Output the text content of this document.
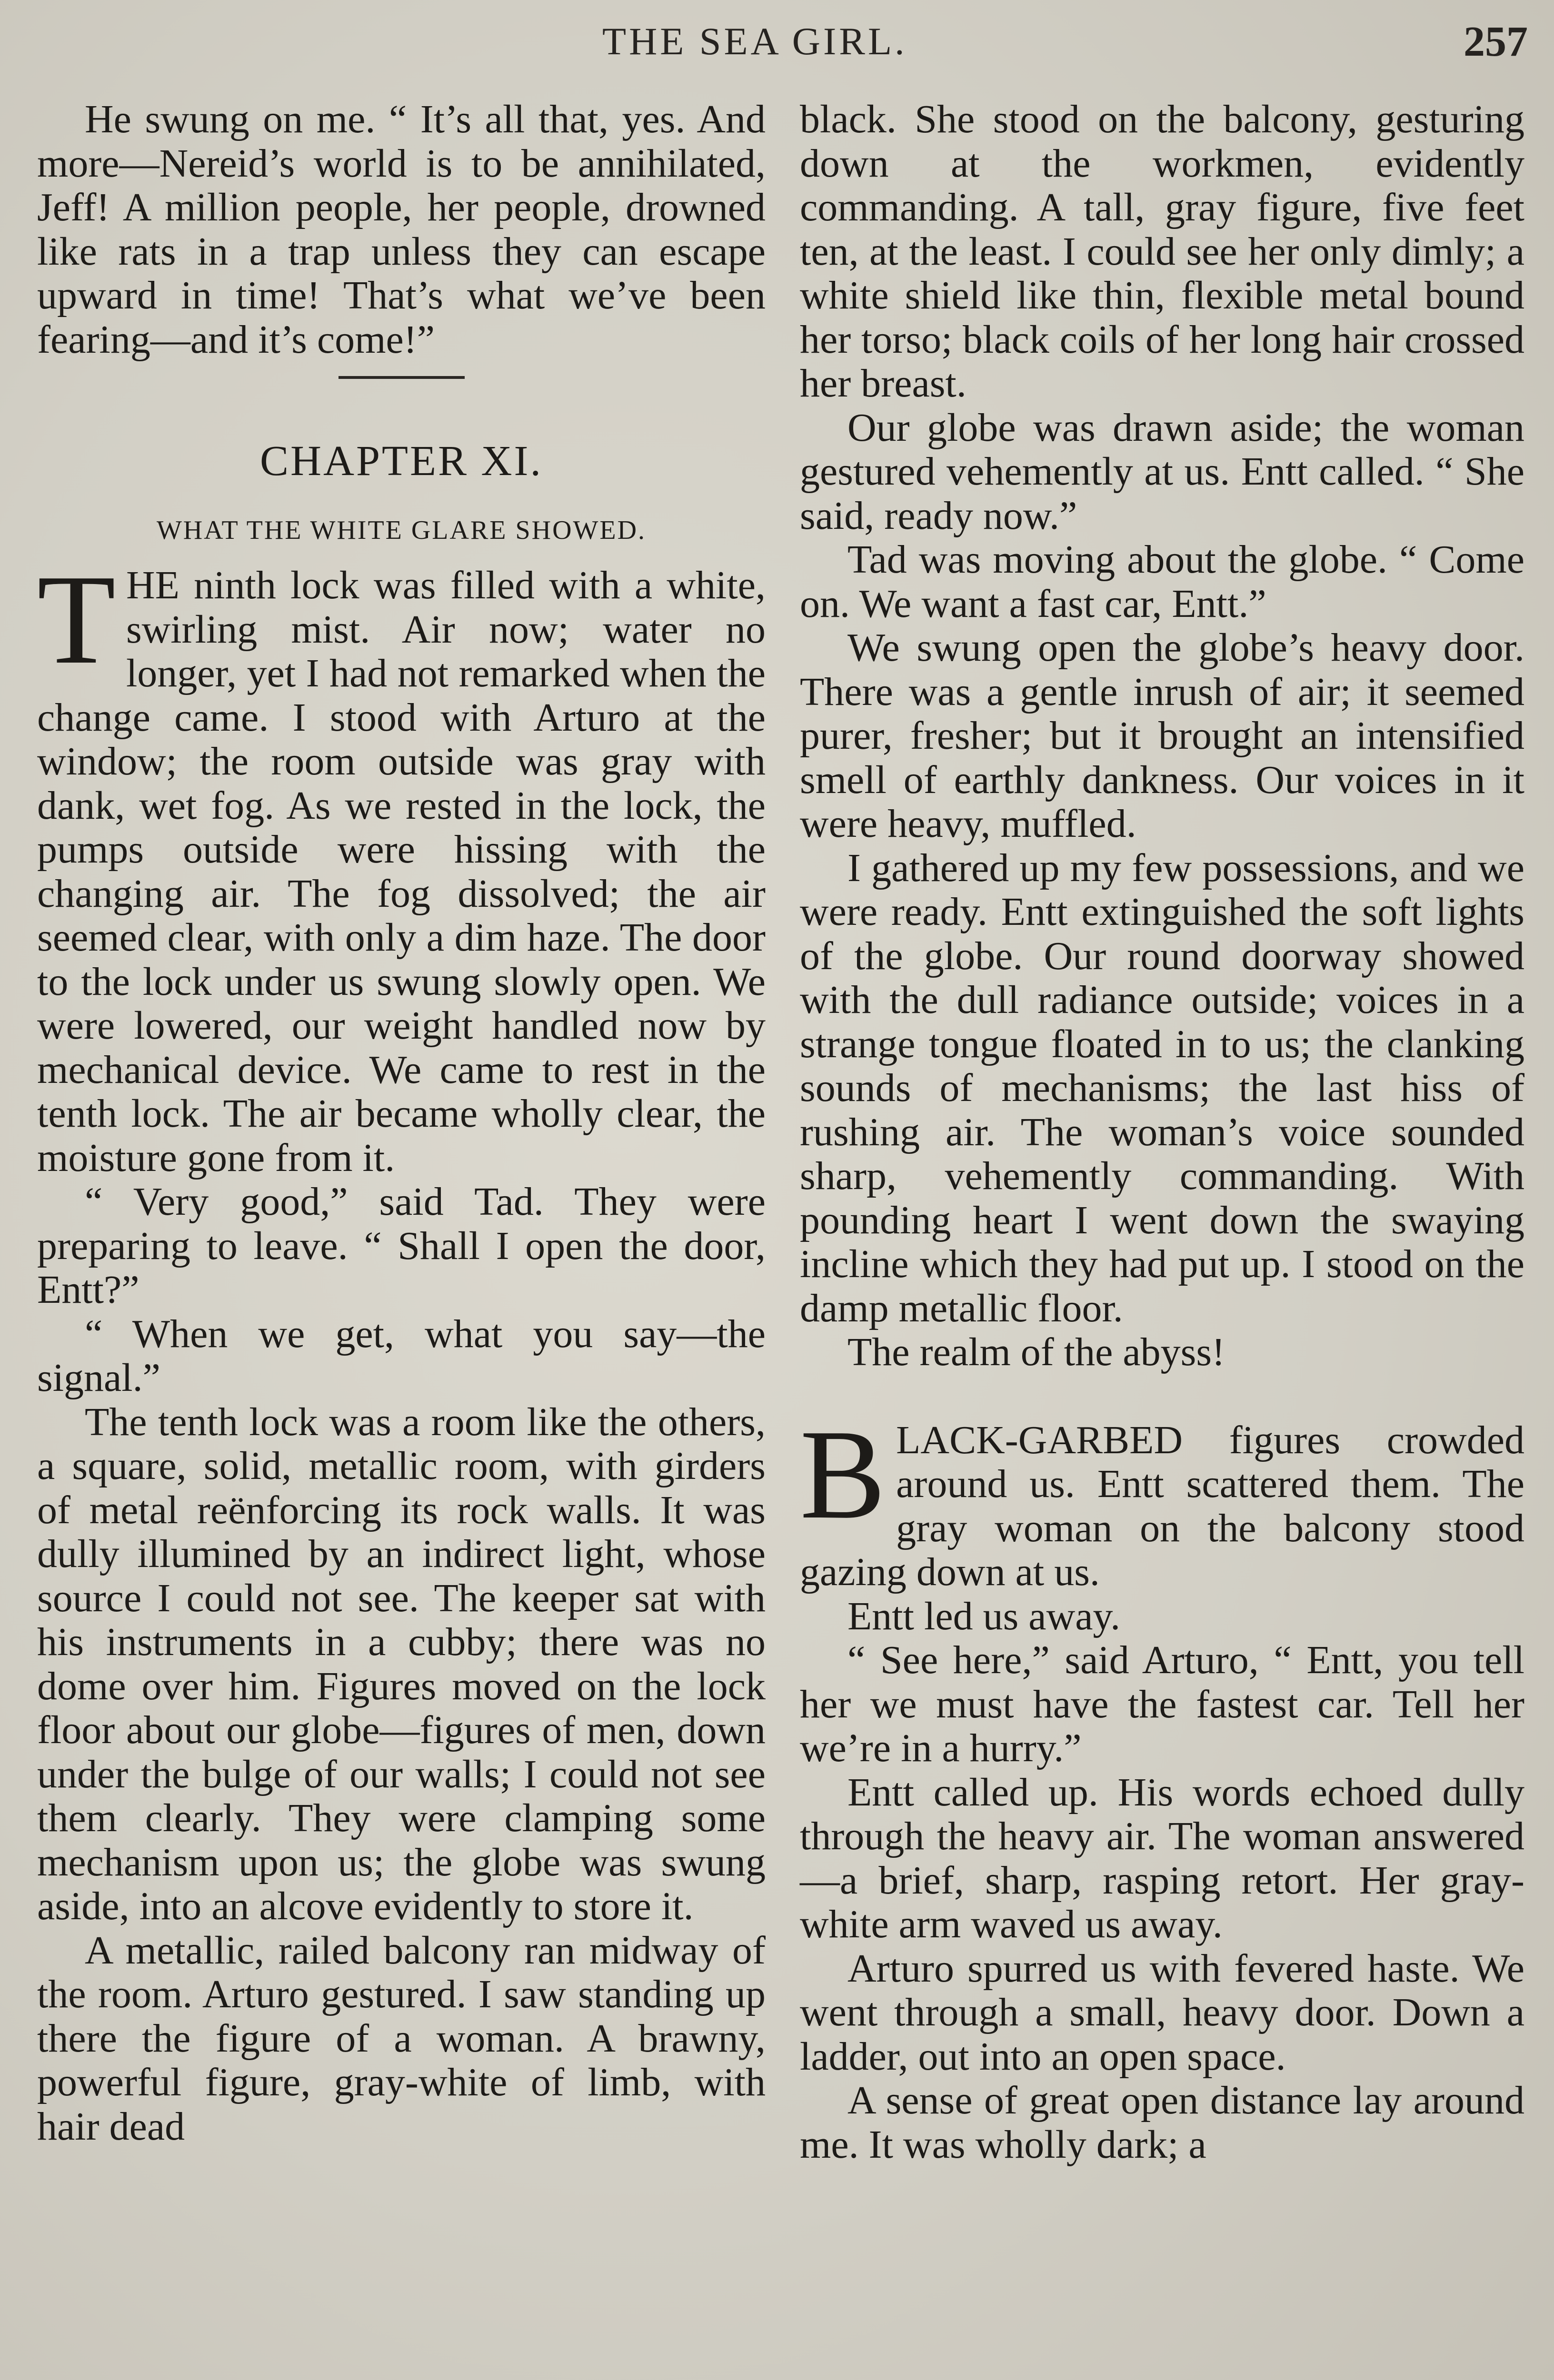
THE SEA GIRL.	257

He swung on me. “ It’s all that, yes. And more—Nereid’s world is to be annihilated, Jeff! A million people, her people, drowned like rats in a trap unless they can escape upward in time! That’s what we’ve been fearing—and it’s come!”

CHAPTER XI.
WHAT THE WHITE GLARE SHOWED.

THE ninth lock was filled with a white, swirling mist. Air now; water no longer, yet I had not remarked when the change came. I stood with Arturo at the window; the room outside was gray with dank, wet fog. As we rested in the lock, the pumps outside were hissing with the changing air. The fog dissolved; the air seemed clear, with only a dim haze. The door to the lock under us swung slowly open. We were lowered, our weight handled now by mechanical device. We came to rest in the tenth lock. The air became wholly clear, the moisture gone from it.

“ Very good,” said Tad. They were preparing to leave. “ Shall I open the door, Entt?”

“ When we get, what you say—the signal.”

The tenth lock was a room like the others, a square, solid, metallic room, with girders of metal reënforcing its rock walls. It was dully illumined by an indirect light, whose source I could not see. The keeper sat with his instruments in a cubby; there was no dome over him. Figures moved on the lock floor about our globe—figures of men, down under the bulge of our walls; I could not see them clearly. They were clamping some mechanism upon us; the globe was swung aside, into an alcove evidently to store it.

A metallic, railed balcony ran midway of the room. Arturo gestured. I saw standing up there the figure of a woman. A brawny, powerful figure, gray-white of limb, with hair dead

black. She stood on the balcony, gesturing down at the workmen, evidently commanding. A tall, gray figure, five feet ten, at the least. I could see her only dimly; a white shield like thin, flexible metal bound her torso; black coils of her long hair crossed her breast.

Our globe was drawn aside; the woman gestured vehemently at us. Entt called. “ She said, ready now.”

Tad was moving about the globe. “ Come on. We want a fast car, Entt.”

We swung open the globe’s heavy door. There was a gentle inrush of air; it seemed purer, fresher; but it brought an intensified smell of earthly dankness. Our voices in it were heavy, muffled.

I gathered up my few possessions, and we were ready. Entt extinguished the soft lights of the globe. Our round doorway showed with the dull radiance outside; voices in a strange tongue floated in to us; the clanking sounds of mechanisms; the last hiss of rushing air. The woman’s voice sounded sharp, vehemently commanding. With pounding heart I went down the swaying incline which they had put up. I stood on the damp metallic floor.

The realm of the abyss!

BLACK-GARBED figures crowded around us. Entt scattered them. The gray woman on the balcony stood gazing down at us.

Entt led us away.

“ See here,” said Arturo, “ Entt, you tell her we must have the fastest car. Tell her we’re in a hurry.”

Entt called up. His words echoed dully through the heavy air. The woman answered—a brief, sharp, rasping retort. Her gray-white arm waved us away.

Arturo spurred us with fevered haste. We went through a small, heavy door. Down a ladder, out into an open space.

A sense of great open distance lay around me. It was wholly dark; a
